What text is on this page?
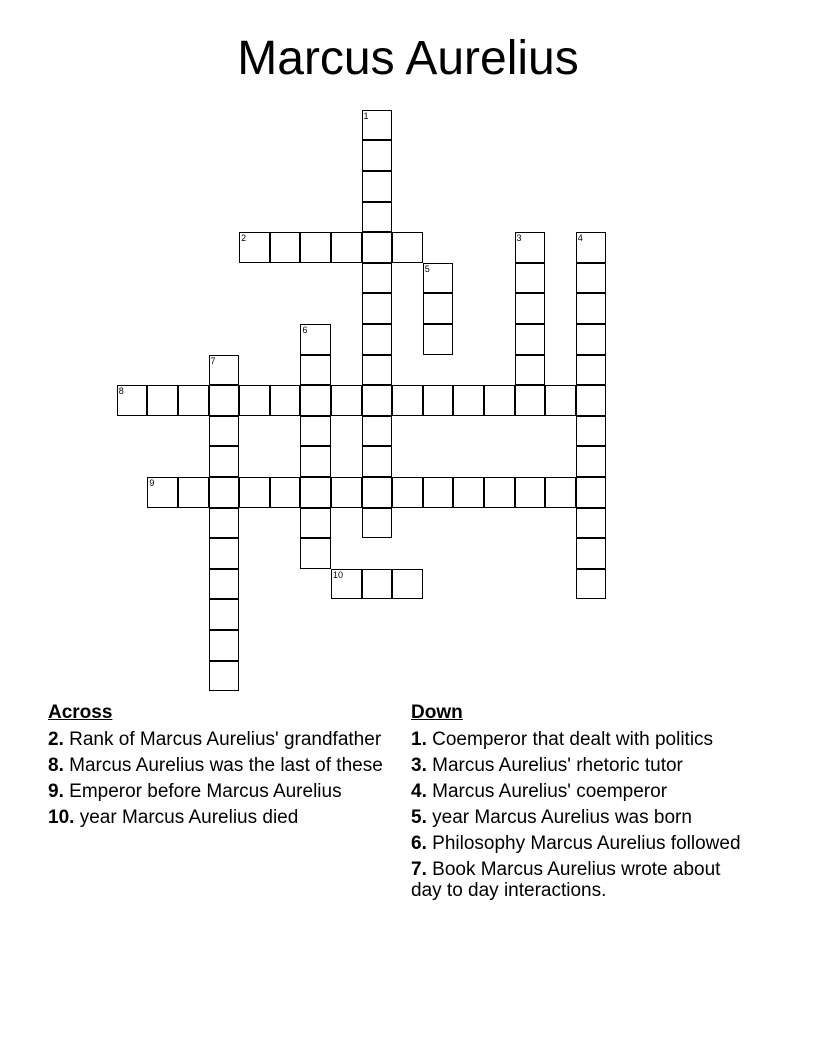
Marcus Aurelius
1
2	3	4
5
6
7
8
9
10
Across
2. Rank of Marcus Aurelius' grandfather
8. Marcus Aurelius was the last of these
9. Emperor before Marcus Aurelius
10. year Marcus Aurelius died
Down
1. Coemperor that dealt with politics
3. Marcus Aurelius' rhetoric tutor
4. Marcus Aurelius' coemperor
5. year Marcus Aurelius was born
6. Philosophy Marcus Aurelius followed
7. Book Marcus Aurelius wrote about day to day interactions.
